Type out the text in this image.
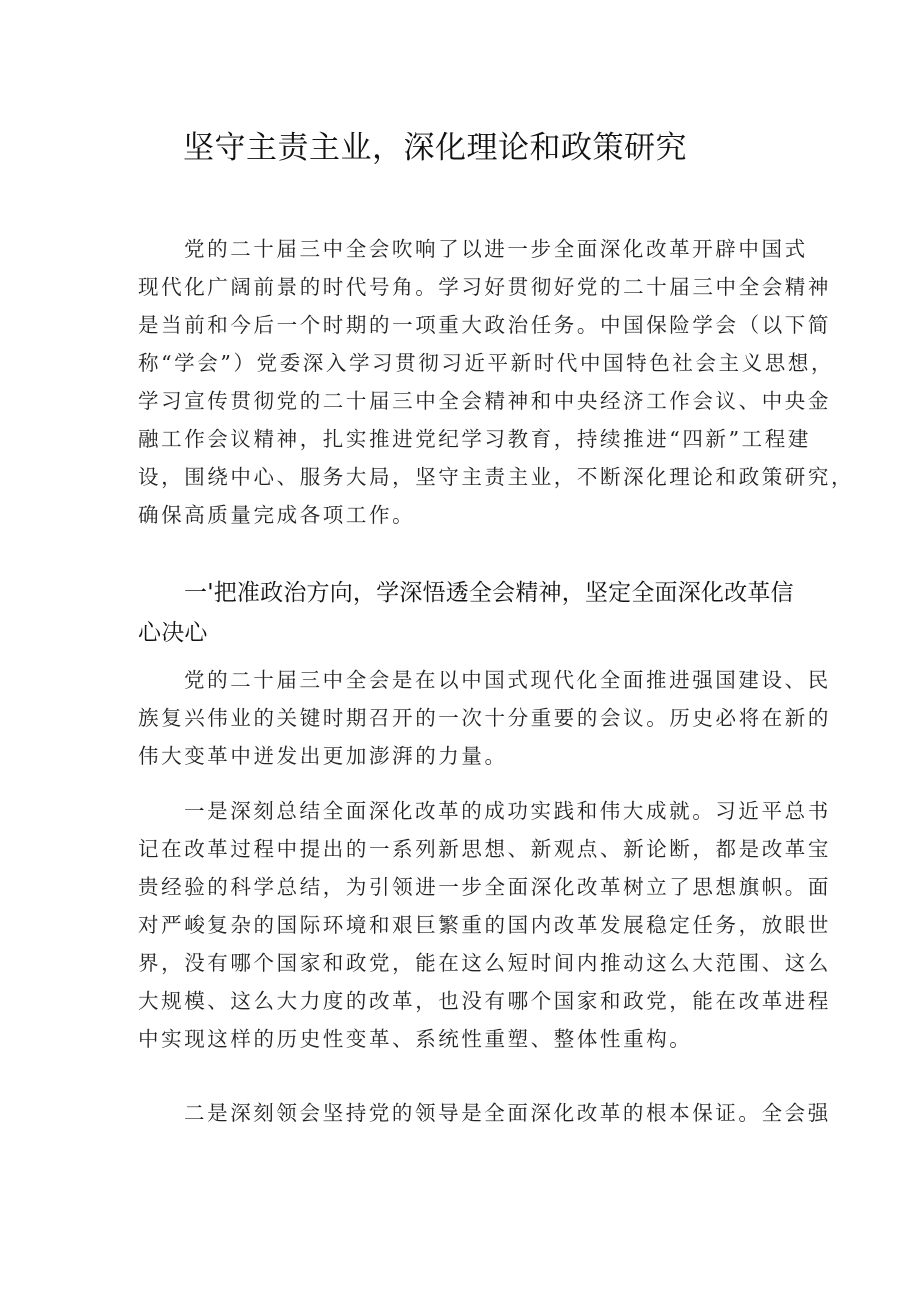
坚守主责主业，深化理论和政策研究
党的二十届三中全会吹响了以进一步全面深化改革开辟中国式
现代化广阔前景的时代号角。学习好贯彻好党的二十届三中全会精神
是当前和今后一个时期的一项重大政治任务。中国保险学会（以下简
称“学会”）党委深入学习贯彻习近平新时代中国特色社会主义思想，
学习宣传贯彻党的二十届三中全会精神和中央经济工作会议、中央金
融工作会议精神，扎实推进党纪学习教育，持续推进“四新”工程建
设，围绕中心、服务大局，坚守主责主业，不断深化理论和政策研究，
确保高质量完成各项工作。
一'把准政治方向，学深悟透全会精神，坚定全面深化改革信
心决心
党的二十届三中全会是在以中国式现代化全面推进强国建设、民
族复兴伟业的关键时期召开的一次十分重要的会议。历史必将在新的
伟大变革中迸发出更加澎湃的力量。
一是深刻总结全面深化改革的成功实践和伟大成就。习近平总书
记在改革过程中提出的一系列新思想、新观点、新论断，都是改革宝
贵经验的科学总结，为引领进一步全面深化改革树立了思想旗帜。面
对严峻复杂的国际环境和艰巨繁重的国内改革发展稳定任务，放眼世
界，没有哪个国家和政党，能在这么短时间内推动这么大范围、这么
大规模、这么大力度的改革，也没有哪个国家和政党，能在改革进程
中实现这样的历史性变革、系统性重塑、整体性重构。
二是深刻领会坚持党的领导是全面深化改革的根本保证。全会强
